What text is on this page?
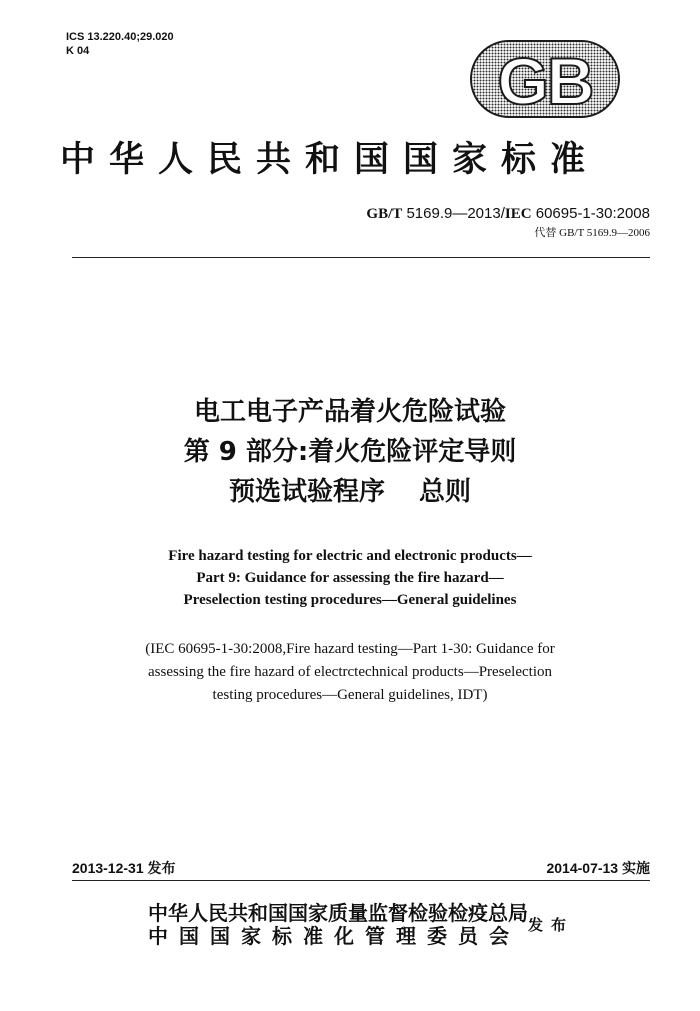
ICS 13.220.40;29.020
K 04	GB
中华人民共和国国家标准
GB/T 5169.9—2013/IEC 60695-1-30:2008
代替 GB/T 5169.9—2006
电工电子产品着火危险试验
第 9 部分:着火危险评定导则
预选试验程序 总则
Fire hazard testing for electric and electronic products—
Part 9: Guidance for assessing the fire hazard—
Preselection testing procedures—General guidelines
(IEC 60695-1-30:2008,Fire hazard testing—Part 1-30: Guidance for
assessing the fire hazard of electrctechnical products—Preselection
testing procedures—General guidelines, IDT)
2013-12-31 发布	2014-07-13 实施
中华人民共和国国家质量监督检验检疫总局
中国国家标准化管理委员会 发布
